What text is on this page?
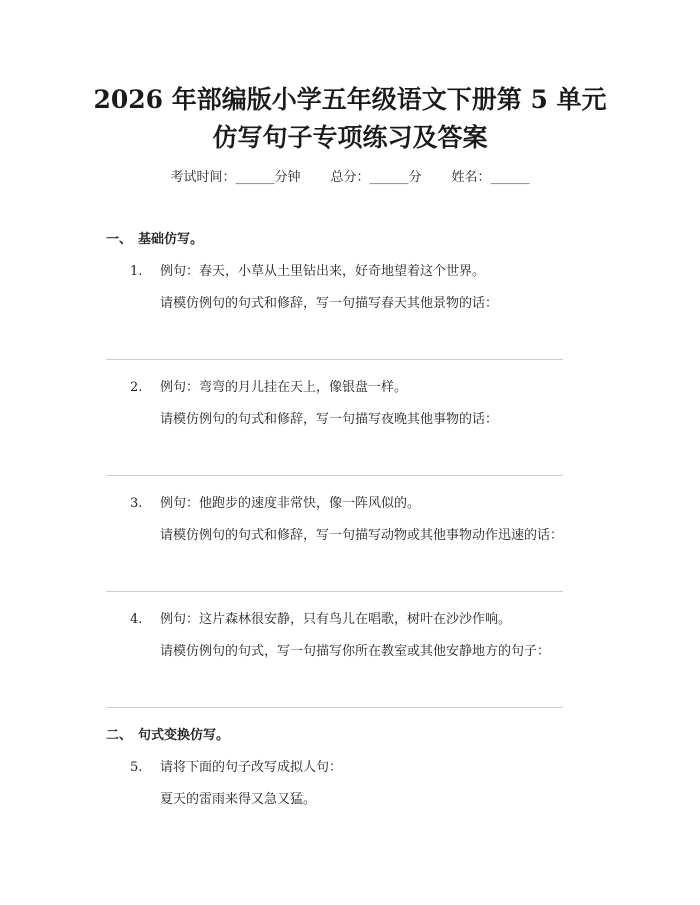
2026 年部编版小学五年级语文下册第 5 单元
仿写句子专项练习及答案
考试时间：______分钟 总分：______分 姓名：______
一、 基础仿写。
1. 例句：春天，小草从土里钻出来，好奇地望着这个世界。
请模仿例句的句式和修辞，写一句描写春天其他景物的话：
2. 例句：弯弯的月儿挂在天上，像银盘一样。
请模仿例句的句式和修辞，写一句描写夜晚其他事物的话：
3. 例句：他跑步的速度非常快，像一阵风似的。
请模仿例句的句式和修辞，写一句描写动物或其他事物动作迅速的话：
4. 例句：这片森林很安静，只有鸟儿在唱歌，树叶在沙沙作响。
请模仿例句的句式，写一句描写你所在教室或其他安静地方的句子：
二、 句式变换仿写。
5. 请将下面的句子改写成拟人句：
夏天的雷雨来得又急又猛。
